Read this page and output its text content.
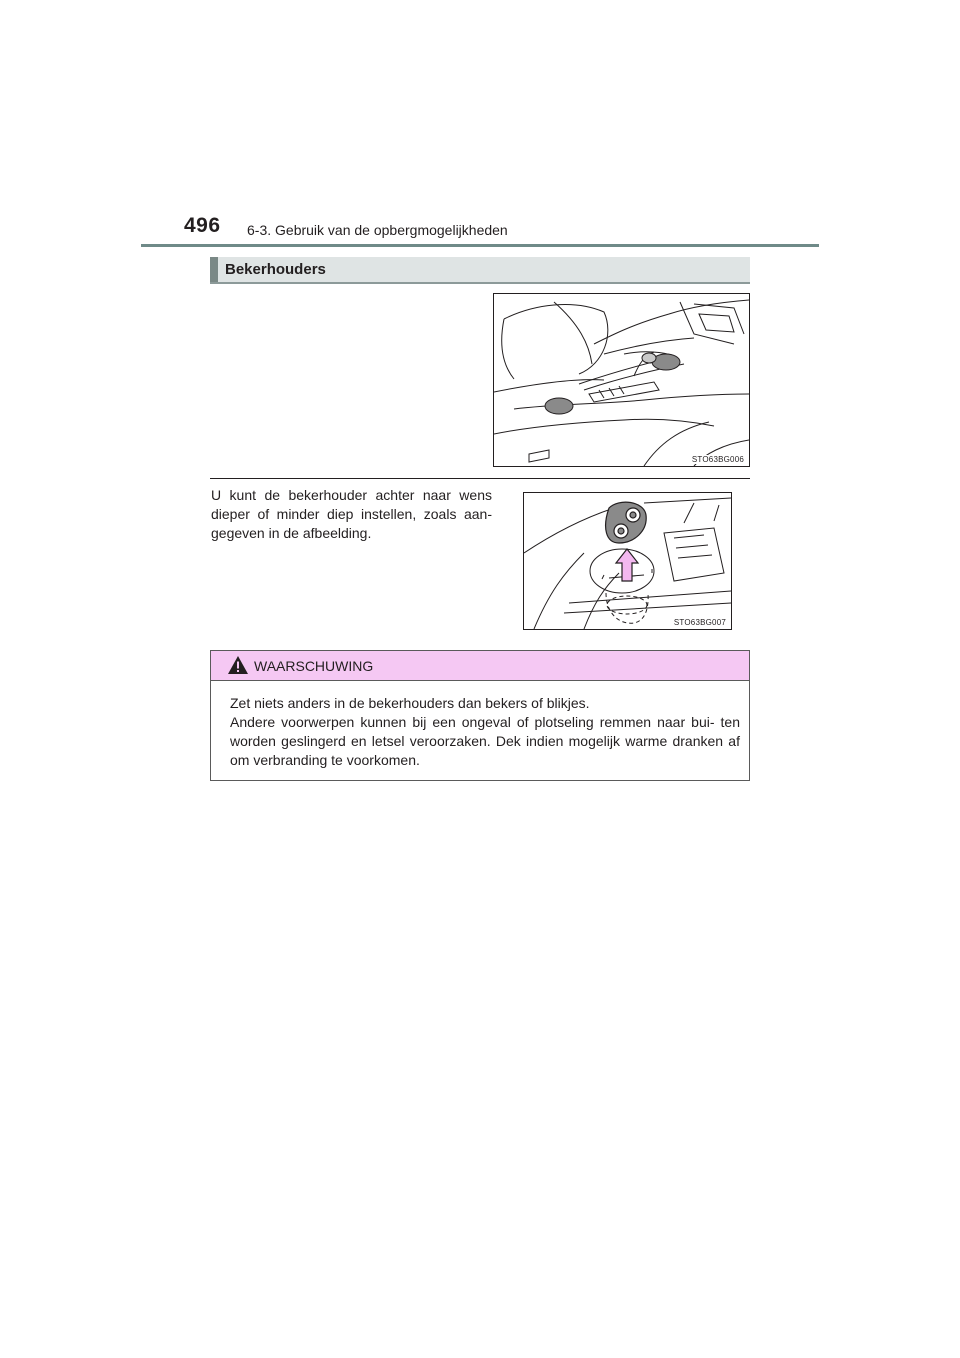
496 6-3. Gebruik van de opbergmogelijkheden
Bekerhouders
STO63BG006
U kunt de bekerhouder achter naar wens dieper of minder diep instellen, zoals aan- gegeven in de afbeelding.
STO63BG007
WAARSCHUWING

Zet niets anders in de bekerhouders dan bekers of blikjes.

Andere voorwerpen kunnen bij een ongeval of plotseling remmen naar bui- ten worden geslingerd en letsel veroorzaken. Dek indien mogelijk warme dranken af om verbranding te voorkomen.
